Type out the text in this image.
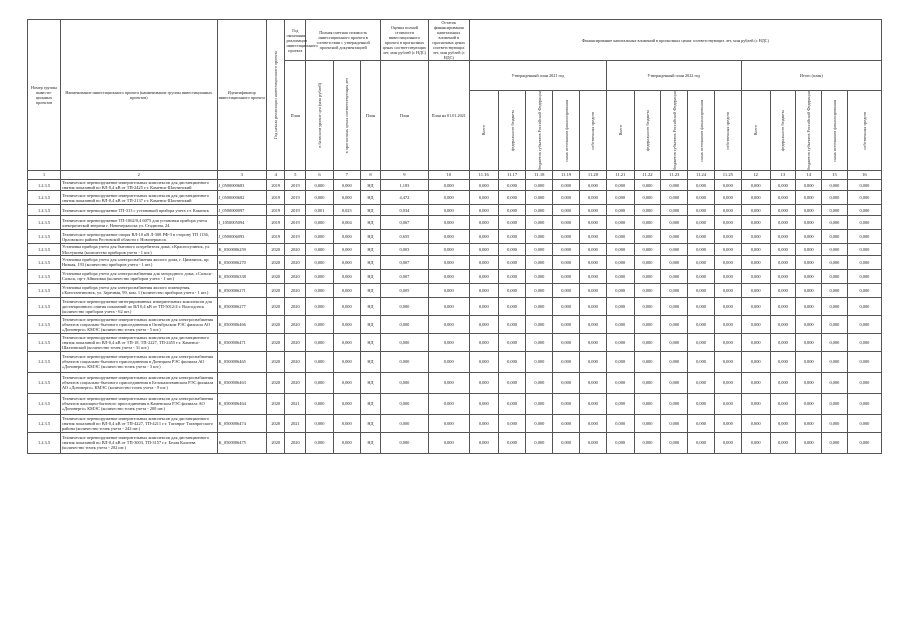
Номер группы инвести-ционных проектов	Наименование инвестиционного проекта (наименование группы инвестиционных проектов)	Идентификатор инвестиционного проекта	Год начала реализации инвестиционного проекта	Год окончания реализации инвестиционного проекта	Полная сметная стоимость инвестиционного проекта в соответствии с утвержденной проектной документацией			Оценка полной стоимости инвестиционного проекта в прогнозных ценах соответствующих лет, млн рублей (с НДС)	Остаток финансирования капитальных вложений в прогнозных ценах соответствующих лет, млн рублей (с НДС)	Финансирование капитальных вложений в прогнозных ценах соответствующих лет, млн рублей (с НДС)														
				План	в базисном уровне цен (млн рублей)	в прогнозных ценах соответствующих лет	План	План	План на 01.01.2021	Утвержденный план 2021 год					Утвержденный план 2022 год					Итого (план)				

										Всего	федерального бюджета	бюджетов субъектов Российской Федерации	иных источников финансирования	собственных средств	Всего	федерального бюджета	бюджетов субъектов Российской Федерации	иных источников финансирования	собственных средств	Всего	федерального бюджета	бюджетов субъектов Российской Федерации	иных источников финансирования	собственных средств

1	2	3	4	5	6	7	8	9	10	11.16	11.17	11.18	11.19	11.20	11.21	11.22	11.23	11.24	11.25	12	13	14	15	16
1.2.3.5	Техническое перевооружение измерительных комплексов для дистанционного снятия показаний по ВЛ-0,4 кВ от ТП-2425 г.т. Каменск-Шахтинский	J_0500000683	2019	2019	0,000	0,000	НД	1,183	0,000	0,000	0,000	0,000	0,000	0,000	0,000	0,000	0,000	0,000	0,000	0,000	0,000	0,000	0,000	0,000
1.2.3.5	Техническое перевооружение измерительных комплексов для дистанционного снятия показаний по ВЛ-0,4 кВ от ТП-2137 г.т. Каменск-Шахтинский	J_0500000682	2019	2019	0,000	0,000	НД	4,472	0,000	0,000	0,000	0,000	0,000	0,000	0,000	0,000	0,000	0,000	0,000	0,000	0,000	0,000	0,000	0,000
1.2.3.5	Техническое перевооружение ТП-313 с установкой прибора учета г.т. Каменск	J_0500000097	2019	2019	0,001	0,025	НД	0,034	0,000	0,000	0,000	0,000	0,000	0,000	0,000	0,000	0,000	0,000	0,000	0,000	0,000	0,000	0,000	0,000
1.2.3.5	Техническое перевооружение ТП-1062/0,4 6075 для установки прибора учета электрической энергии г. Новочеркасска ул. Стадиона, 24	J_1050005094	2019	2019	0,000	0,004	НД	0,067	0,000	0,000	0,000	0,000	0,000	0,000	0,000	0,000	0,000	0,000	0,000	0,000	0,000	0,000	0,000	0,000
1.2.3.5	Техническое перевооружение опоры ВЛ-10 кВ Л-308 РФ-3 в сторону ТП 1136, Орловского района Ростовской области г. Новочеркасск	J_0500006093	2019	2019	0,000	0,000	НД	0,655	0,000	0,000	0,000	0,000	0,000	0,000	0,000	0,000	0,000	0,000	0,000	0,000	0,000	0,000	0,000	0,000
1.2.3.5	Установка прибора учета для бытового потребителя дома, г.Красносулинск, ул. Мостушева (количество приборов учета - 1 шт.)	K_0500006259	2020	2020	0,000	0,000	НД	0,003	0,000	0,000	0,000	0,000	0,000	0,000	0,000	0,000	0,000	0,000	0,000	0,000	0,000	0,000	0,000	0,000
1.2.3.5	Установка прибора учета для электроснабжения жилого дома, г. Цимлянск, пр. Низкая, 193 (количество приборов учета - 1 шт.)	K_0500006270	2020	2020	0,000	0,000	НД	0,007	0,000	0,000	0,000	0,000	0,000	0,000	0,000	0,000	0,000	0,000	0,000	0,000	0,000	0,000	0,000	0,000
1.2.3.5	Установка прибора учета для электроснабжения для загородного дома, г.Сальск-Сальск, пр-т Айвазовка (количество приборов учета - 1 шт.)	K_0500006338	2020	2020	0,000	0,000	НД	0,007	0,000	0,000	0,000	0,000	0,000	0,000	0,000	0,000	0,000	0,000	0,000	0,000	0,000	0,000	0,000	0,000
1.2.3.5	Установка прибора учета для электроснабжения жилого помещения, г.Константиновск, ул. Заречная, 99, ком. 1 (количество приборов учета - 1 шт.)	K_0500006271	2020	2020	0,000	0,000	НД	0,005	0,000	0,000	0,000	0,000	0,000	0,000	0,000	0,000	0,000	0,000	0,000	0,000	0,000	0,000	0,000	0,000
1.2.3.5	Техническое перевооружение интегрированных измерительных комплексов для дистанционного снятия показаний по ВЛ 0,4 кВ от ТП-5012/4 г. Волгодонск (количество приборов учета - 62 шт.)	K_0500006277	2020	2020	0,000	0,000	НД	0,000	0,000	0,000	0,000	0,000	0,000	0,000	0,000	0,000	0,000	0,000	0,000	0,000	0,000	0,000	0,000	0,000
1.2.3.5	Техническое перевооружение измерительных комплексов для электроснабжения объектов социально-бытового присоединения в Октябрьском РЭС филиала АО «Донэнерго» КМЭС (количество точек учета - 5 шт.)	K_0500006466	2020	2020	0,000	0,000	НД	0,000	0,000	0,000	0,000	0,000	0,000	0,000	0,000	0,000	0,000	0,000	0,000	0,000	0,000	0,000	0,000	0,000
1.2.3.5	Техническое перевооружение измерительных комплексов для дистанционного снятия показаний по ВЛ-0,4 кВ от ТП-18, ТП-2227, ТП-2455 г.т. Каменск-Шахтинский (количество точек учета - 31 шт.)	K_0500006471	2020	2020	0,000	0,000	НД	0,000	0,000	0,000	0,000	0,000	0,000	0,000	0,000	0,000	0,000	0,000	0,000	0,000	0,000	0,000	0,000	0,000
1.2.3.5	Техническое перевооружение измерительных комплексов для электроснабжения объектов социально-бытового присоединения в Донецком РЭС филиала АО «Донэнерго» КМЭС (количество точек учета - 3 шт.)	K_0500006465	2020	2020	0,000	0,000	НД	0,000	0,000	0,000	0,000	0,000	0,000	0,000	0,000	0,000	0,000	0,000	0,000	0,000	0,000	0,000	0,000	0,000
1.2.3.5	Техническое перевооружение измерительных комплексов для электроснабжения объектов социально-бытового присоединения в Белокалитвинском РЭС филиала АО «Донэнерго» КМЭС (количество точек учета - 9 шт.)	K_0500006463	2020	2020	0,000	0,000	НД	0,000	0,000	0,000	0,000	0,000	0,000	0,000	0,000	0,000	0,000	0,000	0,000	0,000	0,000	0,000	0,000	0,000
1.2.3.5	Техническое перевооружение измерительных комплексов для электроснабжения объектов жилищно-бытового присоединения в Каменском РЭС филиала АО «Донэнерго» КМЭС (количество точек учета - 200 шт.)	K_0500006464	2020	2021	0,000	0,000	НД	0,000	0,000	0,000	0,000	0,000	0,000	0,000	0,000	0,000	0,000	0,000	0,000	0,000	0,000	0,000	0,000	0,000
1.2.3.5	Техническое перевооружение измерительных комплексов для дистанционного снятия показаний по ВЛ-0,4 кВ от ТП-4227, ТП-4211 г.т. Таганрог Таганрогского района (количество точек учета - 242 шт.)	K_0500006474	2020	2021	0,000	0,000	НД	0,000	0,000	0,000	0,000	0,000	0,000	0,000	0,000	0,000	0,000	0,000	0,000	0,000	0,000	0,000	0,000	0,000
1.2.3.5	Техническое перевооружение измерительных комплексов для дистанционного снятия показаний по ВЛ-0,4 кВ от ТП-3003, ТП-3157 г.т. Белая Калитва (количество точек учета - 202 шт.)	K_0500006475	2020	2020	0,000	0,000	НД	0,000	0,000	0,000	0,000	0,000	0,000	0,000	0,000	0,000	0,000	0,000	0,000	0,000	0,000	0,000	0,000	0,000
